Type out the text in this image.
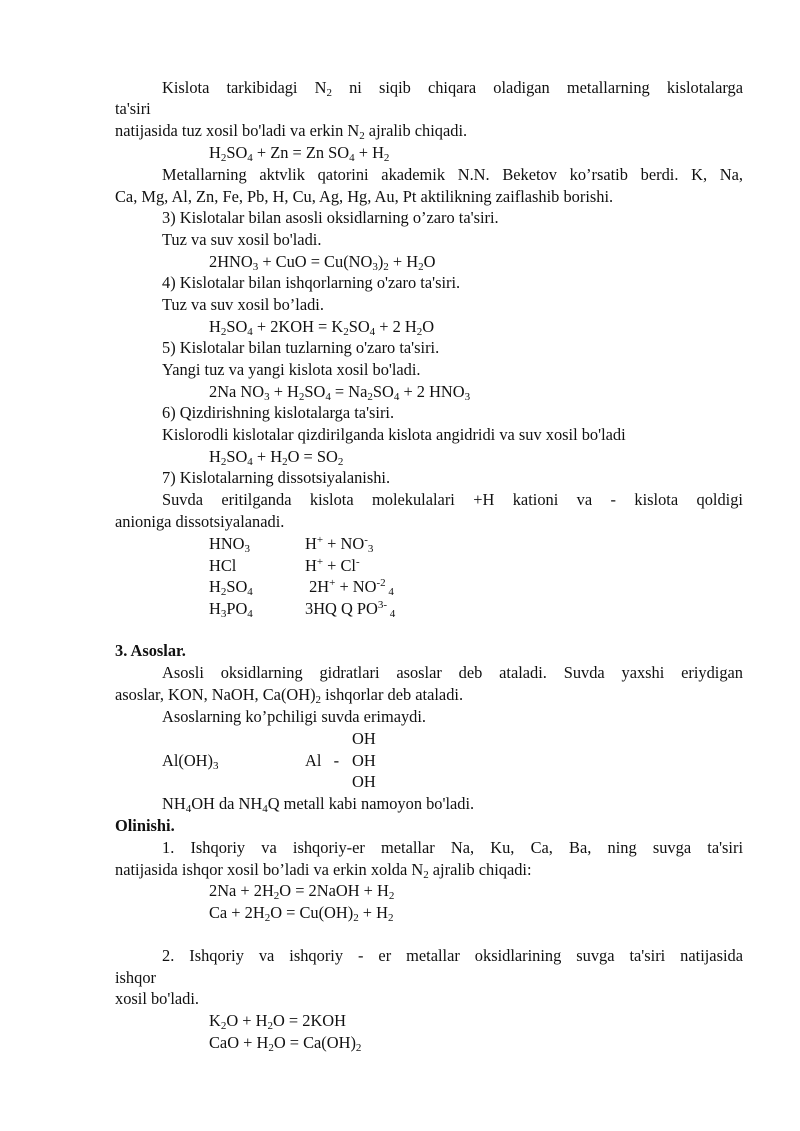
Kislota tarkibidagi $N_2$ ni siqib chiqara oladigan metallarning kislotalarga
ta's‎iri
natijasida tuz xosil bo'ladi va erkin $N_2$ ajralib chiqadi.
$H_2SO_4 + Zn = Zn$ $SO_4 + H_2$
Metallarning aktvlik qatorini akademik N.N. Beketov ko’rsatib berdi. K, Na,
Ca, Mg, Al, Zn, Fe, Pb, H, Cu, Ag, Hg, Au, Pt aktilikning zaiflashib borishi.
3) Kislotalar bilan asosli oksidlarning o’zaro ta'siri.
Tuz va suv xosil bo'ladi.
$2HNO_3$ + CuO = $Cu(NO_3)_2 + H_2O$
4) Kislotalar bilan ishqorlarning o'zaro ta'siri.
Tuz va suv xosil bo’ladi.
$H_2SO_4 + 2KOH = K_2SO_4 + 2$ $H_2O$
5) Kislotalar bilan tuzlarning o'zaro ta'siri.
Yangi tuz va yangi kislota xosil bo'ladi.
2Na $NO_3 + H_2SO_4 = Na_2SO_4 + 2$ $HNO_3$
6) Qizdirishning kislotalarga ta'siri.
Kislorodli kislotalar qizdirilganda kislota angidridi va suv xosil bo'ladi
$H_2SO_4 + H_2O = SO_2$
7) Kislotalarning dissotsiyalanishi.
Suvda eritilganda kislota molekulalari +H kationi va - kislota qoldigi
anioniga dissotsiyalanadi.
3. Asoslar.
Asosli oksidlarning gidratlari asoslar deb ataladi. Suvda yaxshi eriydigan
asoslar, KON, NaOH, $Ca(OH)_2$ ishqorlar deb ataladi.
Asoslarning ko’pchiligi suvda erimaydi.
$NH_4OH$ da $NH_4Q$ metall kabi namoyon bo'ladi.
Olinishi.
1. Ishqoriy va ishqoriy-er metallar Na, Ku, Ca, Ba, ning suvga ta'siri
natijasida ishqor xosil bo’ladi va erkin xolda $N_2$ ajralib chiqadi:
$2Na + 2H_2O$ = 2NaOH + $H_2$
$Ca + 2H_2O = Cu(OH)_2 + H_2$
2. Ishqoriy va ishqoriy - er metallar oksidlarining suvga ta'siri natijasida
ishqor
xosil bo'ladi.
$K_2O + H_2O = 2KOH$
CaO + $H_2O = Ca(OH)_2$
$HNO_3$	$H^+ + NO^-_3$
HCl	H+ + Cl-
$H_2SO_4$	$2H^+ + NO^{-2}$ $_4$
$H_3PO_4$	3HQ Q $PO^{3-}$ $_4$
OH
$Al(OH)_3$	Al   - OH
OH
